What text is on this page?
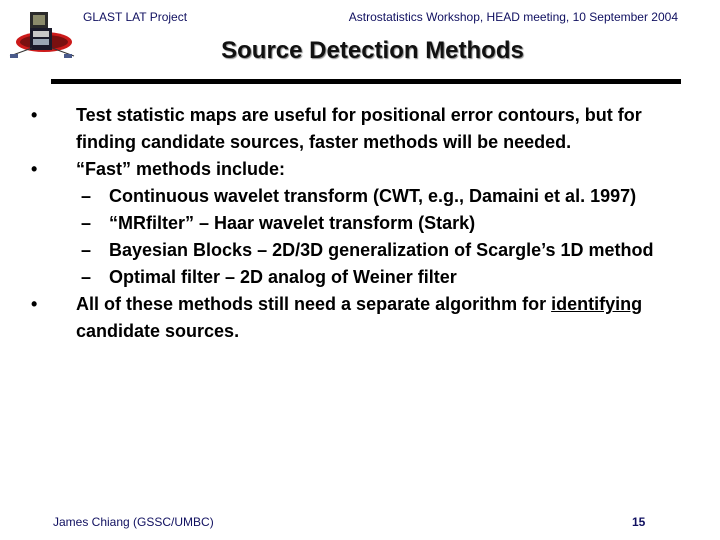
GLAST LAT Project	Astrostatistics Workshop, HEAD meeting, 10 September 2004
Source Detection Methods
• Test statistic maps are useful for positional error contours, but for finding candidate sources, faster methods will be needed.
• “Fast” methods include:
– Continuous wavelet transform (CWT, e.g., Damaini et al. 1997)
– “MRfilter” – Haar wavelet transform (Stark)
– Bayesian Blocks – 2D/3D generalization of Scargle’s 1D method
– Optimal filter – 2D analog of Weiner filter
• All of these methods still need a separate algorithm for identifying candidate sources.
James Chiang (GSSC/UMBC)	15
